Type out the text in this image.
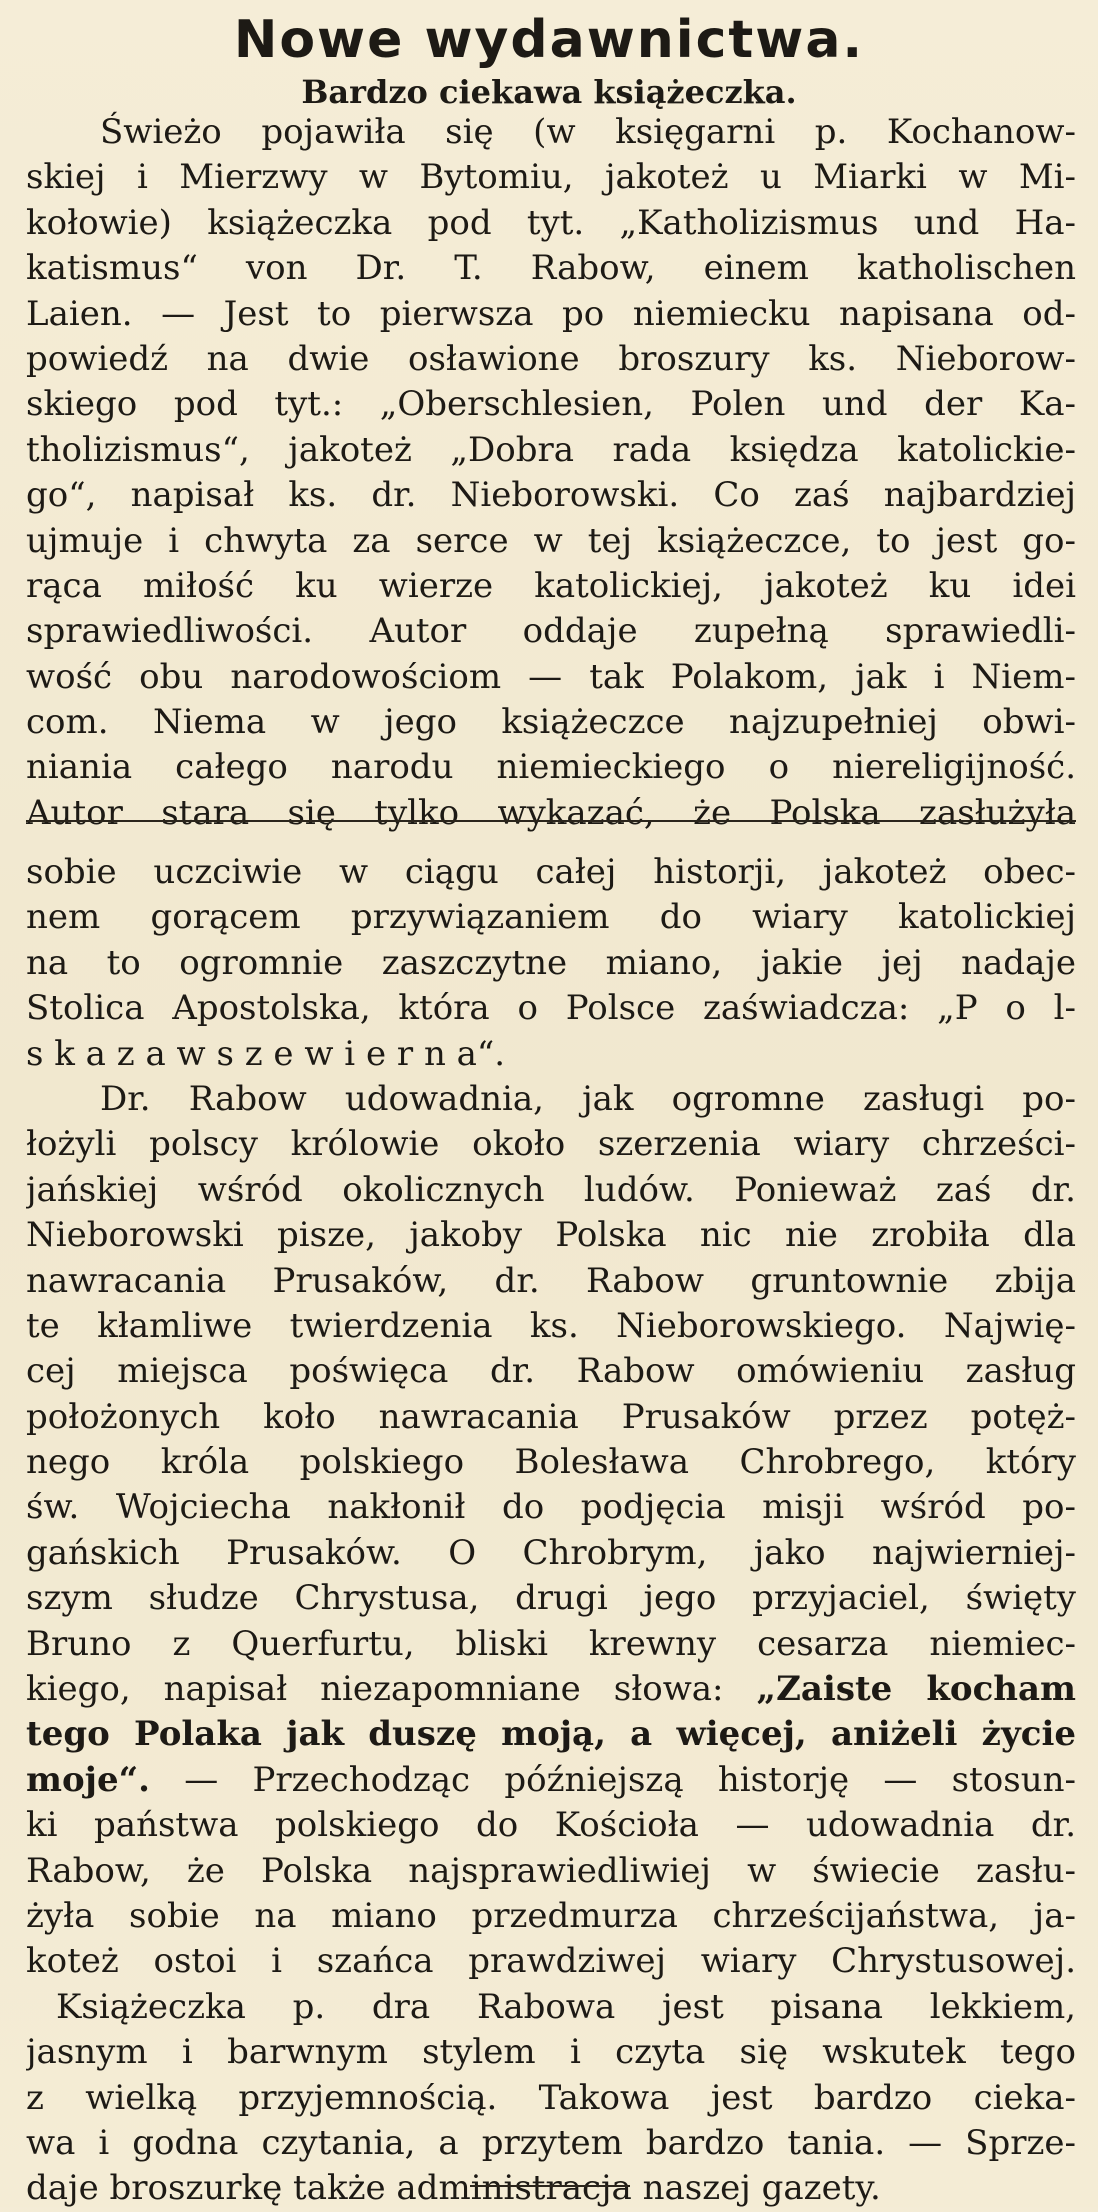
Nowe wydawnictwa.
Bardzo ciekawa książeczka.
Świeżo pojawiła się (w księgarni p. Kochanow-
skiej i Mierzwy w Bytomiu, jakoteż u Miarki w Mi-
kołowie) książeczka pod tyt. „Katholizismus und Ha-
katismus“ von Dr. T. Rabow, einem katholischen
Laien. — Jest to pierwsza po niemiecku napisana od-
powiedź na dwie osławione broszury ks. Nieborow-
skiego pod tyt.: „Oberschlesien, Polen und der Ka-
tholizismus“, jakoteż „Dobra rada księdza katolickie-
go“, napisał ks. dr. Nieborowski. Co zaś najbardziej
ujmuje i chwyta za serce w tej książeczce, to jest go-
rąca miłość ku wierze katolickiej, jakoteż ku idei
sprawiedliwości. Autor oddaje zupełną sprawiedli-
wość obu narodowościom — tak Polakom, jak i Niem-
com. Niema w jego książeczce najzupełniej obwi-
niania całego narodu niemieckiego o niereligijność.
Autor stara się tylko wykazać, że Polska zasłużyła
sobie uczciwie w ciągu całej historji, jakoteż obec-
nem gorącem przywiązaniem do wiary katolickiej
na to ogromnie zaszczytne miano, jakie jej nadaje
Stolica Apostolska, która o Polsce zaświadcza: „P o l-
s k a z a w s z e w i e r n a“.
Dr. Rabow udowadnia, jak ogromne zasługi po-
łożyli polscy królowie około szerzenia wiary chrześci-
jańskiej wśród okolicznych ludów. Ponieważ zaś dr.
Nieborowski pisze, jakoby Polska nic nie zrobiła dla
nawracania Prusaków, dr. Rabow gruntownie zbija
te kłamliwe twierdzenia ks. Nieborowskiego. Najwię-
cej miejsca poświęca dr. Rabow omówieniu zasług
położonych koło nawracania Prusaków przez potęż-
nego króla polskiego Bolesława Chrobrego, który
św. Wojciecha nakłonił do podjęcia misji wśród po-
gańskich Prusaków. O Chrobrym, jako najwierniej-
szym słudze Chrystusa, drugi jego przyjaciel, święty
Bruno z Querfurtu, bliski krewny cesarza niemiec-
kiego, napisał niezapomniane słowa: „Zaiste kocham
tego Polaka jak duszę moją, a więcej, aniżeli życie
moje“. — Przechodząc późniejszą historję — stosun-
ki państwa polskiego do Kościoła — udowadnia dr.
Rabow, że Polska najsprawiedliwiej w świecie zasłu-
żyła sobie na miano przedmurza chrześcijaństwa, ja-
koteż ostoi i szańca prawdziwej wiary Chrystusowej.
Książeczka p. dra Rabowa jest pisana lekkiem,
jasnym i barwnym stylem i czyta się wskutek tego
z wielką przyjemnością. Takowa jest bardzo cieka-
wa i godna czytania, a przytem bardzo tania. — Sprze-
daje broszurkę także administracja naszej gazety.
